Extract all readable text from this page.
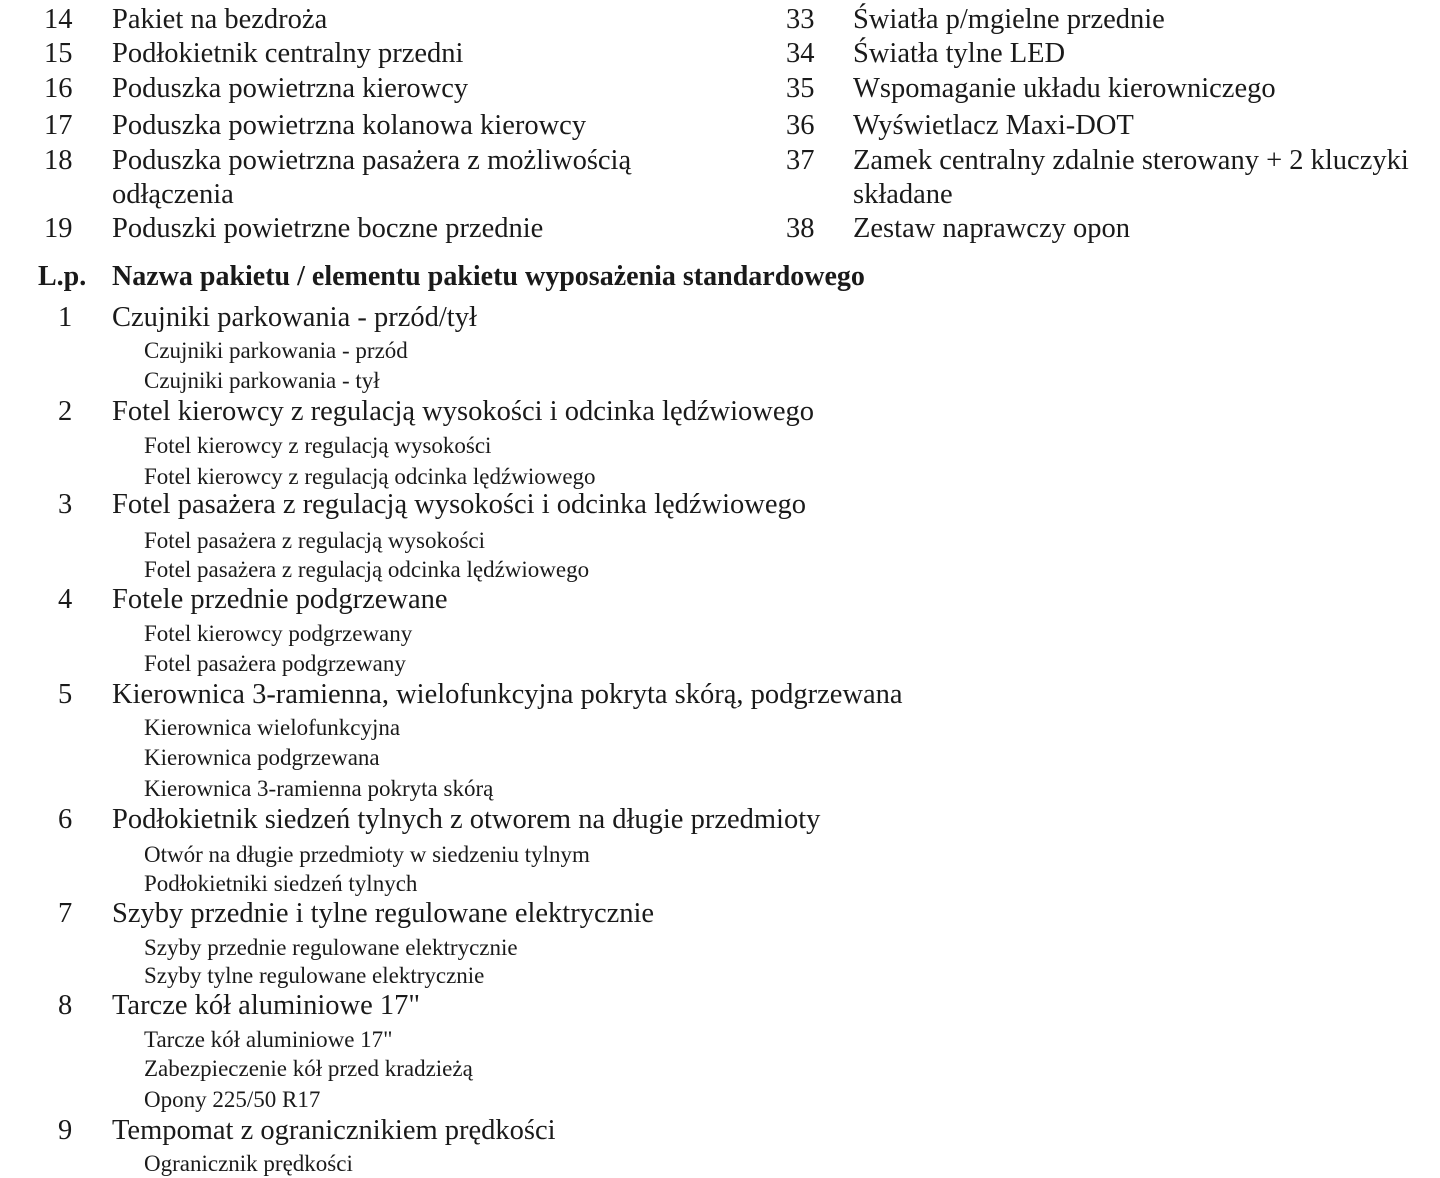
14	Pakiet na bezdroża
15	Podłokietnik centralny przedni
16	Poduszka powietrzna kierowcy
17	Poduszka powietrzna kolanowa kierowcy
18	Poduszka powietrzna pasażera z możliwością
odłączenia
19	Poduszki powietrzne boczne przednie
33	Światła p/mgielne przednie
34	Światła tylne LED
35	Wspomaganie układu kierowniczego
36	Wyświetlacz Maxi-DOT
37	Zamek centralny zdalnie sterowany + 2 kluczyki
składane
38	Zestaw naprawczy opon
L.p. Nazwa pakietu / elementu pakietu wyposażenia standardowego
1 Czujniki parkowania - przód/tył
Czujniki parkowania - przód
Czujniki parkowania - tył
2 Fotel kierowcy z regulacją wysokości i odcinka lędźwiowego
Fotel kierowcy z regulacją wysokości
Fotel kierowcy z regulacją odcinka lędźwiowego
3 Fotel pasażera z regulacją wysokości i odcinka lędźwiowego
Fotel pasażera z regulacją wysokości
Fotel pasażera z regulacją odcinka lędźwiowego
4 Fotele przednie podgrzewane
Fotel kierowcy podgrzewany
Fotel pasażera podgrzewany
5 Kierownica 3-ramienna, wielofunkcyjna pokryta skórą, podgrzewana
Kierownica wielofunkcyjna
Kierownica podgrzewana
Kierownica 3-ramienna pokryta skórą
6 Podłokietnik siedzeń tylnych z otworem na długie przedmioty
Otwór na długie przedmioty w siedzeniu tylnym
Podłokietniki siedzeń tylnych
7 Szyby przednie i tylne regulowane elektrycznie
Szyby przednie regulowane elektrycznie
Szyby tylne regulowane elektrycznie
8 Tarcze kół aluminiowe 17"
Tarcze kół aluminiowe 17"
Zabezpieczenie kół przed kradzieżą
Opony 225/50 R17
9 Tempomat z ogranicznikiem prędkości
Ogranicznik prędkości
